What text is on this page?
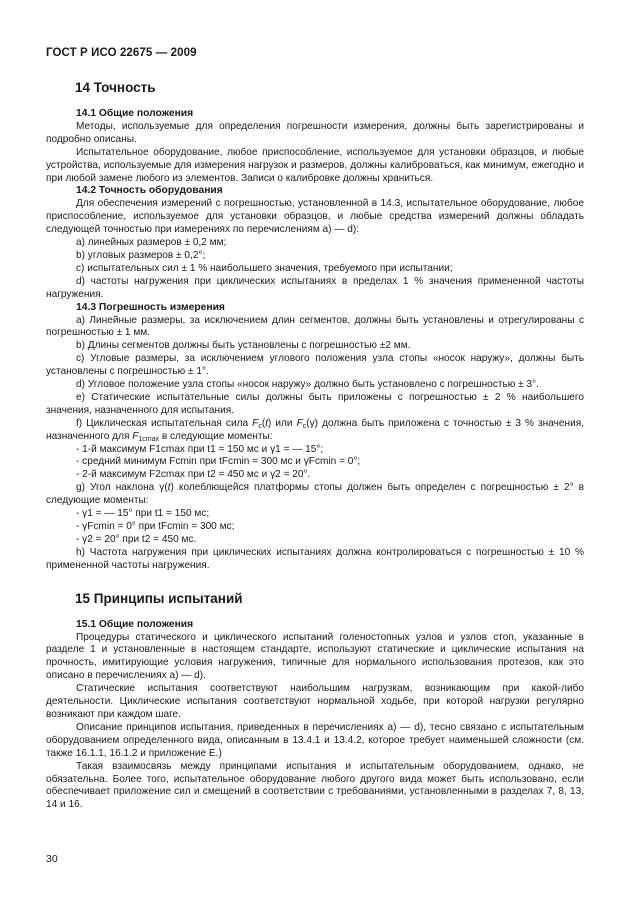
ГОСТ Р ИСО 22675 — 2009
14 Точность
14.1 Общие положения

Методы, используемые для определения погрешности измерения, должны быть зарегистрированы и подробно описаны.

Испытательное оборудование, любое приспособление, используемое для установки образцов, и любые устройства, используемые для измерения нагрузок и размеров, должны калиброваться, как минимум, ежегодно и при любой замене любого из элементов. Записи о калибровке должны храниться.

14.2 Точность оборудования

Для обеспечения измерений с погрешностью, установленной в 14.3, испытательное оборудование, любое приспособление, используемое для установки образцов, и любые средства измерений должны обладать следующей точностью при измерениях по перечислениям а) — d):

а) линейных размеров ± 0,2 мм;

b) угловых размеров ± 0,2°;

с) испытательных сил ± 1 % наибольшего значения, требуемого при испытании;

d) частоты нагружения при циклических испытаниях в пределах 1 % значения примененной частоты нагружения.

14.3 Погрешность измерения

а) Линейные размеры, за исключением длин сегментов, должны быть установлены и отрегулированы с погрешностью ± 1 мм.

b) Длины сегментов должны быть установлены с погрешностью ±2 мм.

с) Угловые размеры, за исключением углового положения узла стопы «носок наружу», должны быть установлены с погрешностью ± 1°.

d) Угловое положение узла стопы «носок наружу» должно быть установлено с погрешностью ± 3°.

е) Статические испытательные силы должны быть приложены с погрешностью ± 2 % наибольшего значения, назначенного для испытания.

f) Циклическая испытательная сила $F_c(t)$ или $F_c(\gamma)$ должна быть приложена с точностью ± 3 % значения, назначенного для $F_{1cmax}$ в следующие моменты:

- 1-й максимум F1cmax при t1 = 150 мс и γ1 = — 15°;

- средний минимум Fcmin при tFcmin = 300 мс и γFcmin = 0°;

- 2-й максимум F2cmax при t2 = 450 мс и γ2 = 20°.

g) Угол наклона γ(t) колеблющейся платформы стопы должен быть определен с погрешностью ± 2° в следующие моменты:

- γ1 = — 15° при t1 = 150 мс;

- γFcmin = 0° при tFcmin = 300 мс;

- γ2 = 20° при t2 = 450 мс.

h) Частота нагружения при циклических испытаниях должна контролироваться с погрешностью ± 10 % примененной частоты нагружения.

15 Принципы испытаний
15.1 Общие положения

Процедуры статического и циклического испытаний голеностопных узлов и узлов стоп, указанные в разделе 1 и установленные в настоящем стандарте, используют статические и циклические испытания на прочность, имитирующие условия нагружения, типичные для нормального использования протезов, как это описано в перечислениях а) — d).

Статические испытания соответствуют наибольшим нагрузкам, возникающим при какой-либо деятельности. Циклические испытания соответствуют нормальной ходьбе, при которой нагрузки регулярно возникают при каждом шаге.

Описание принципов испытания, приведенных в перечислениях а) — d), тесно связано с испытательным оборудованием определенного вида, описанным в 13.4.1 и 13.4.2, которое требует наименьшей сложности (см. также 16.1.1, 16.1.2 и приложение Е.)

Такая взаимосвязь между принципами испытания и испытательным оборудованием, однако, не обязательна. Более того, испытательное оборудование любого другого вида может быть использовано, если обеспечивает приложение сил и смещений в соответствии с требованиями, установленными в разделах 7, 8, 13, 14 и 16.

30
